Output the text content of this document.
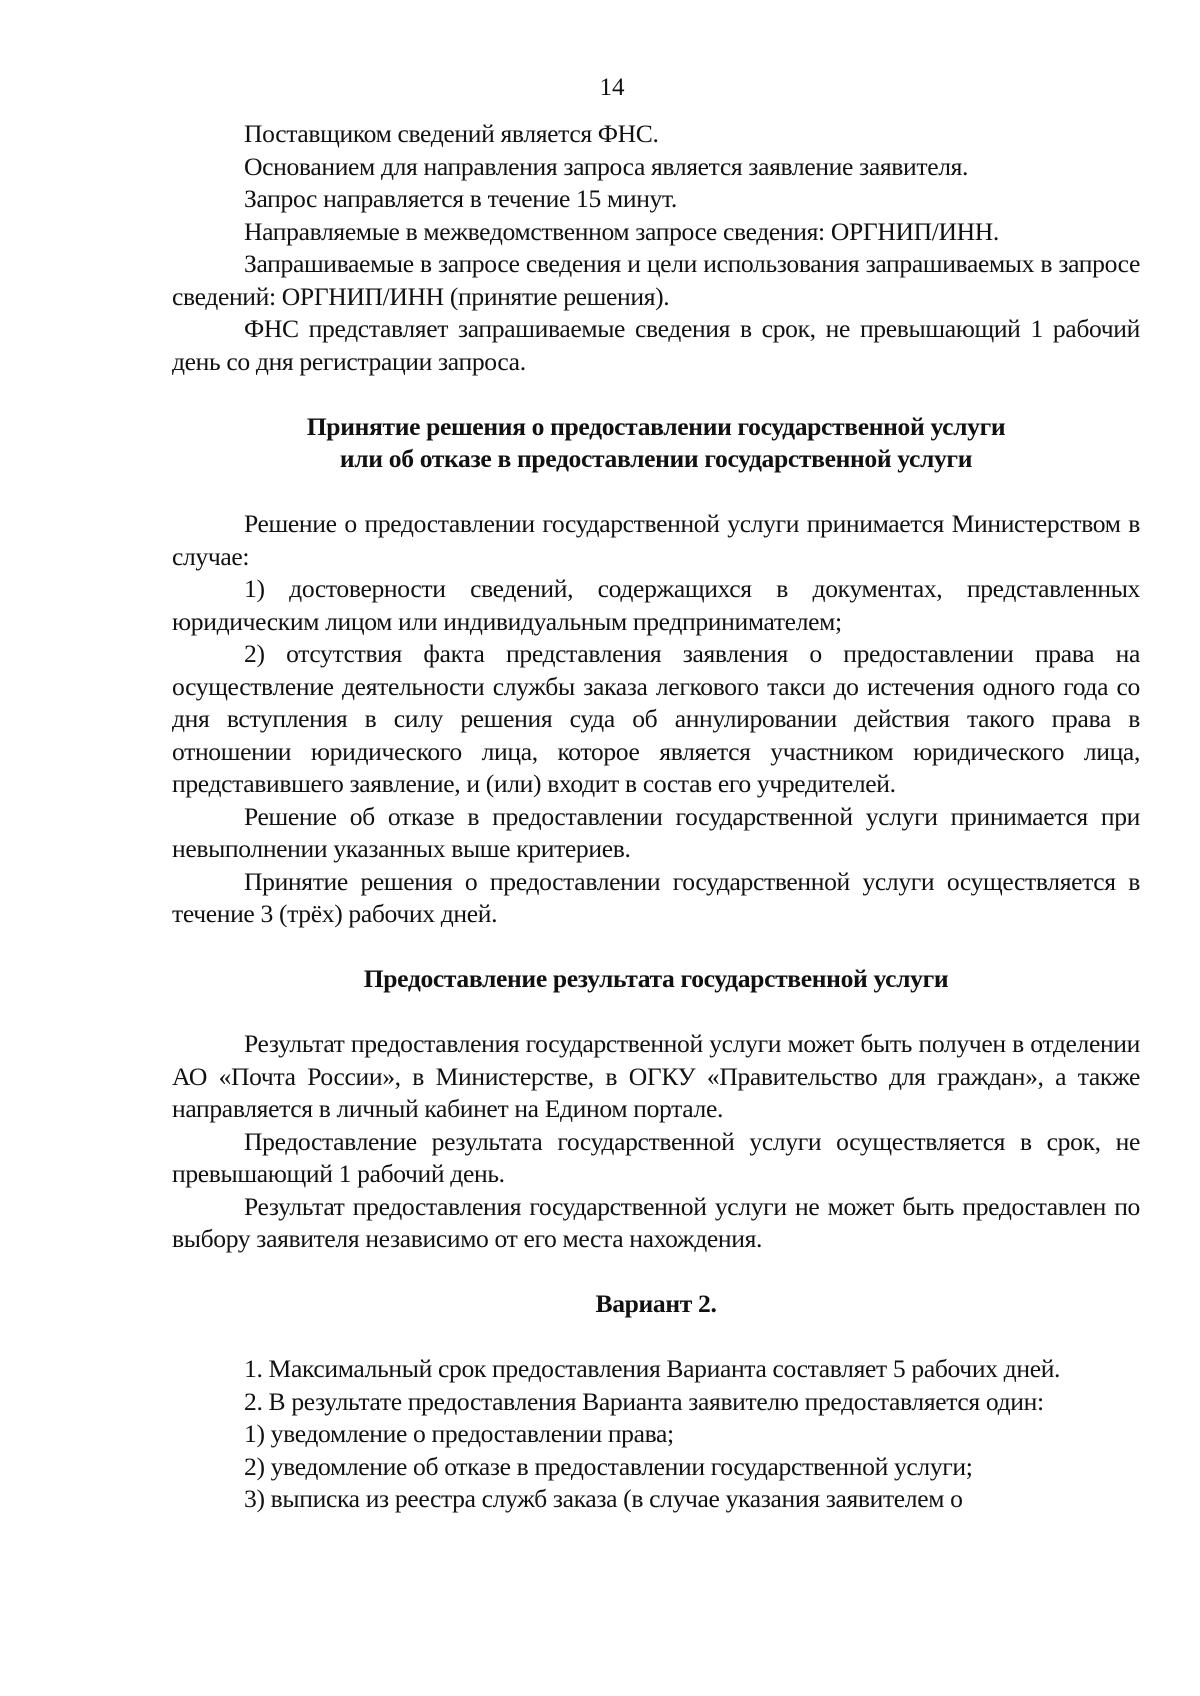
14

Поставщиком сведений является ФНС.

Основанием для направления запроса является заявление заявителя.

Запрос направляется в течение 15 минут.

Направляемые в межведомственном запросе сведения: ОРГНИП/ИНН.

Запрашиваемые в запросе сведения и цели использования запрашиваемых в запросе сведений: ОРГНИП/ИНН (принятие решения).

ФНС представляет запрашиваемые сведения в срок, не превышающий 1 рабочий день со дня регистрации запроса.

Принятие решения о предоставлении государственной услуги
или об отказе в предоставлении государственной услуги

Решение о предоставлении государственной услуги принимается Министерством в случае:

1) достоверности сведений, содержащихся в документах, представленных юридическим лицом или индивидуальным предпринимателем;

2) отсутствия факта представления заявления о предоставлении права на осуществление деятельности службы заказа легкового такси до истечения одного года со дня вступления в силу решения суда об аннулировании действия такого права в отношении юридического лица, которое является участником юридического лица, представившего заявление, и (или) входит в состав его учредителей.

Решение об отказе в предоставлении государственной услуги принимается при невыполнении указанных выше критериев.

Принятие решения о предоставлении государственной услуги осуществляется в течение 3 (трёх) рабочих дней.

Предоставление результата государственной услуги

Результат предоставления государственной услуги может быть получен в отделении АО «Почта России», в Министерстве, в ОГКУ «Правительство для граждан», а также направляется в личный кабинет на Едином портале.

Предоставление результата государственной услуги осуществляется в срок, не превышающий 1 рабочий день.

Результат предоставления государственной услуги не может быть предоставлен по выбору заявителя независимо от его места нахождения.

Вариант 2.

1. Максимальный срок предоставления Варианта составляет 5 рабочих дней.

2. В результате предоставления Варианта заявителю предоставляется один:

1) уведомление о предоставлении права;

2) уведомление об отказе в предоставлении государственной услуги;

3) выписка из реестра служб заказа (в случае указания заявителем о
